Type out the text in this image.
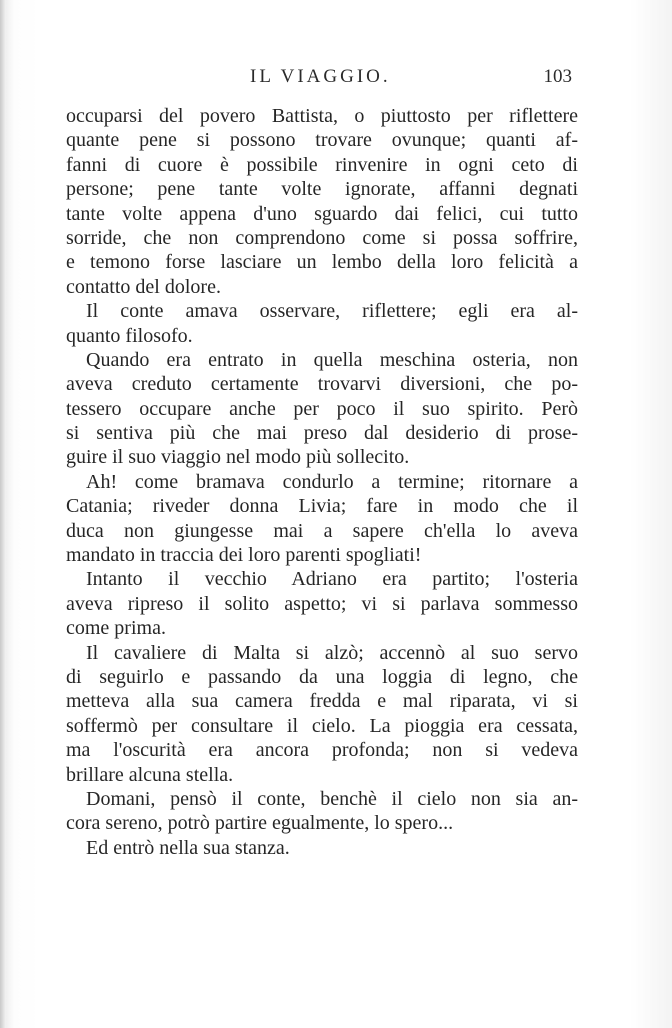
IL VIAGGIO.	103
occuparsi del povero Battista, o piuttosto per riflettere
quante pene si possono trovare ovunque; quanti af-
fanni di cuore è possibile rinvenire in ogni ceto di
persone; pene tante volte ignorate, affanni degnati
tante volte appena d'uno sguardo dai felici, cui tutto
sorride, che non comprendono come si possa soffrire,
e temono forse lasciare un lembo della loro felicità a
contatto del dolore.
Il conte amava osservare, riflettere; egli era al-
quanto filosofo.
Quando era entrato in quella meschina osteria, non
aveva creduto certamente trovarvi diversioni, che po-
tessero occupare anche per poco il suo spirito. Però
si sentiva più che mai preso dal desiderio di prose-
guire il suo viaggio nel modo più sollecito.
Ah! come bramava condurlo a termine; ritornare a
Catania; riveder donna Livia; fare in modo che il
duca non giungesse mai a sapere ch'ella lo aveva
mandato in traccia dei loro parenti spogliati!
Intanto il vecchio Adriano era partito; l'osteria
aveva ripreso il solito aspetto; vi si parlava sommesso
come prima.
Il cavaliere di Malta si alzò; accennò al suo servo
di seguirlo e passando da una loggia di legno, che
metteva alla sua camera fredda e mal riparata, vi si
soffermò per consultare il cielo. La pioggia era cessata,
ma l'oscurità era ancora profonda; non si vedeva
brillare alcuna stella.
Domani, pensò il conte, benchè il cielo non sia an-
cora sereno, potrò partire egualmente, lo spero...
Ed entrò nella sua stanza.
